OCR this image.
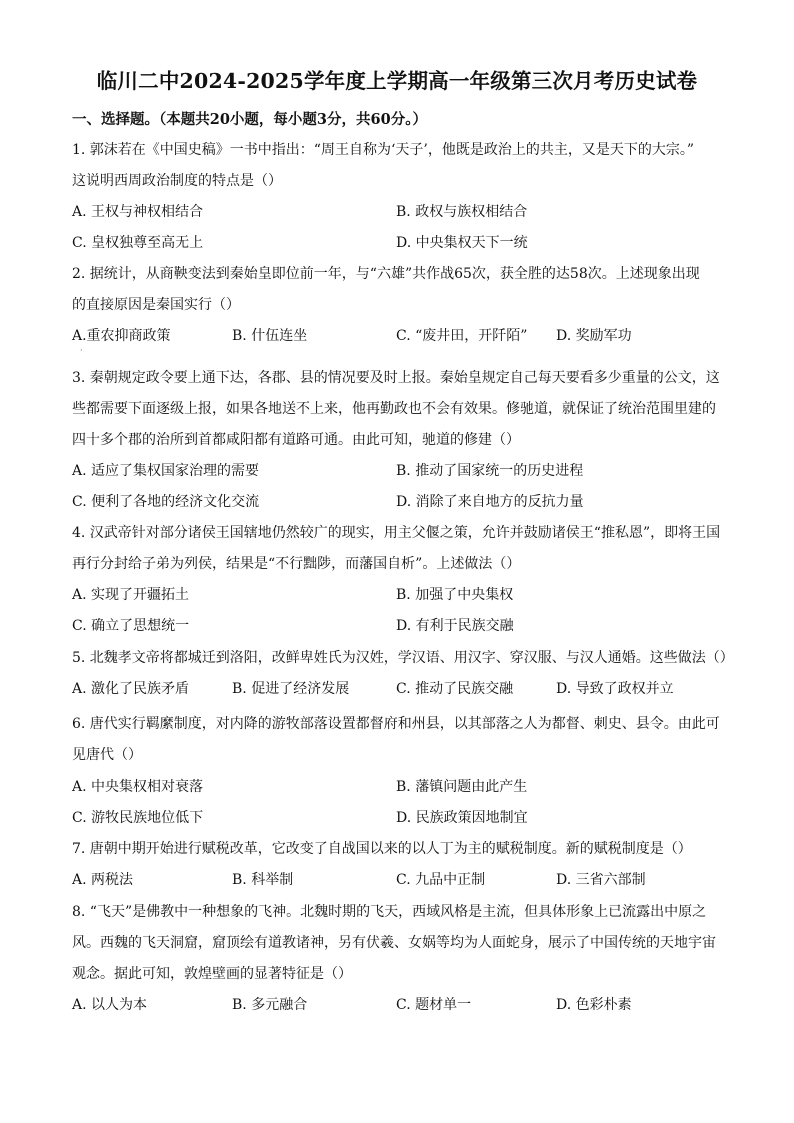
临川二中2024-2025学年度上学期高一年级第三次月考历史试卷
一、选择题。（本题共20小题，每小题3分，共60分。）
1. 郭沫若在《中国史稿》一书中指出：“周王自称为‘天子’，他既是政治上的共主，又是天下的大宗。”
这说明西周政治制度的特点是（）
A. 王权与神权相结合	B. 政权与族权相结合
C. 皇权独尊至高无上	D. 中央集权天下一统
2. 据统计，从商鞅变法到秦始皇即位前一年，与“六雄”共作战65次，获全胜的达58次。上述现象出现
的直接原因是秦国实行（）
A.重农抑商政策	B. 什伍连坐	C. “废井田，开阡陌” D. 奖励军功
·
3. 秦朝规定政令要上通下达，各郡、县的情况要及时上报。秦始皇规定自己每天要看多少重量的公文，这
些都需要下面逐级上报，如果各地送不上来，他再勤政也不会有效果。修驰道，就保证了统治范围里建的
四十多个郡的治所到首都咸阳都有道路可通。由此可知，驰道的修建（）
A. 适应了集权国家治理的需要	B. 推动了国家统一的历史进程
C. 便利了各地的经济文化交流	D. 消除了来自地方的反抗力量
4. 汉武帝针对部分诸侯王国辖地仍然较广的现实，用主父偃之策，允许并鼓励诸侯王“推私恩”，即将王国
再行分封给子弟为列侯，结果是“不行黜陟，而藩国自析”。上述做法（）
A. 实现了开疆拓土	B. 加强了中央集权
C. 确立了思想统一	D. 有利于民族交融
5. 北魏孝文帝将都城迁到洛阳，改鲜卑姓氏为汉姓，学汉语、用汉字、穿汉服、与汉人通婚。这些做法（）
A. 激化了民族矛盾	B. 促进了经济发展	C. 推动了民族交融	D. 导致了政权并立
6. 唐代实行羁縻制度，对内降的游牧部落设置都督府和州县，以其部落之人为都督、刺史、县令。由此可
见唐代（）
A. 中央集权相对衰落	B. 藩镇问题由此产生
C. 游牧民族地位低下	D. 民族政策因地制宜
7. 唐朝中期开始进行赋税改革，它改变了自战国以来的以人丁为主的赋税制度。新的赋税制度是（）
A. 两税法	B. 科举制	C. 九品中正制	D. 三省六部制
8. “飞天”是佛教中一种想象的飞神。北魏时期的飞天，西域风格是主流，但具体形象上已流露出中原之
风。西魏的飞天洞窟，窟顶绘有道教诸神，另有伏羲、女娲等均为人面蛇身，展示了中国传统的天地宇宙
观念。据此可知，敦煌壁画的显著特征是（）
A. 以人为本	B. 多元融合	C. 题材单一	D. 色彩朴素
